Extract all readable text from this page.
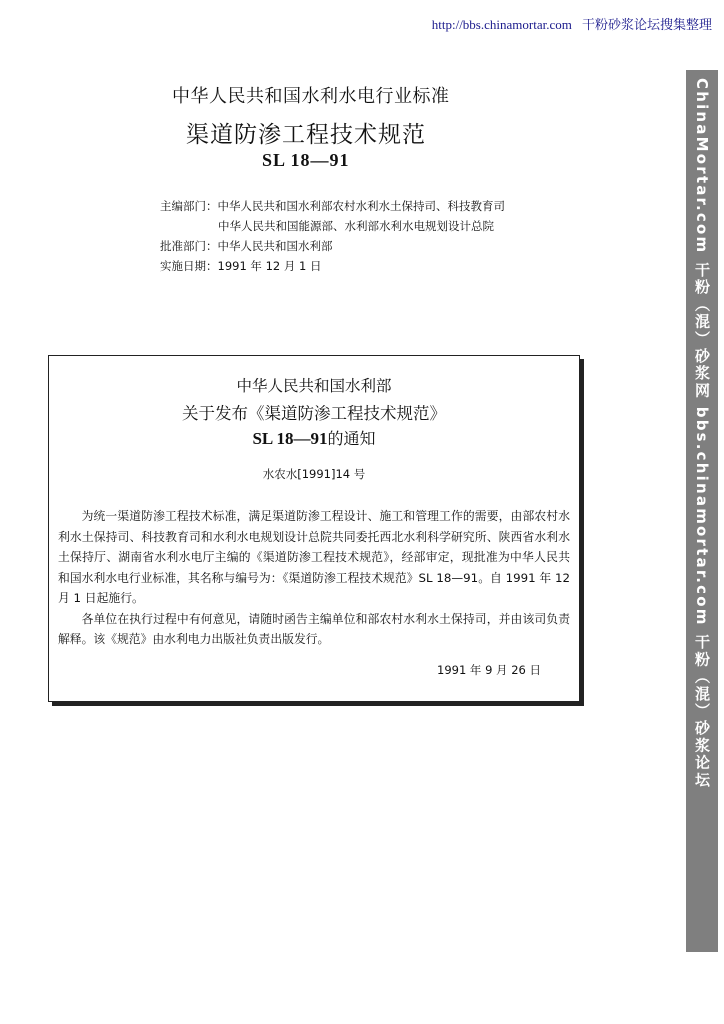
http://bbs.chinamortar.com 干粉砂浆论坛搜集整理
ChinaMortar.com 干粉（混）砂浆网 bbs.chinamortar.com 干粉（混）砂浆论坛
中华人民共和国水利水电行业标准
渠道防渗工程技术规范
SL 18—91
主编部门：中华人民共和国水利部农村水利水土保持司、科技教育司
中华人民共和国能源部、水利部水利水电规划设计总院
批准部门：中华人民共和国水利部
实施日期：1991 年 12 月 1 日
中华人民共和国水利部
关于发布《渠道防渗工程技术规范》
SL 18—91的通知
水农水[1991]14 号

为统一渠道防渗工程技术标准，满足渠道防渗工程设计、施工和管理工作的需要，由部农村水利水土保持司、科技教育司和水利水电规划设计总院共同委托西北水利科学研究所、陕西省水利水土保持厅、湖南省水利水电厅主编的《渠道防渗工程技术规范》，经部审定，现批准为中华人民共和国水利水电行业标准，其名称与编号为：《渠道防渗工程技术规范》SL 18—91。自 1991 年 12 月 1 日起施行。

各单位在执行过程中有何意见，请随时函告主编单位和部农村水利水土保持司，并由该司负责解释。该《规范》由水利电力出版社负责出版发行。

1991 年 9 月 26 日
